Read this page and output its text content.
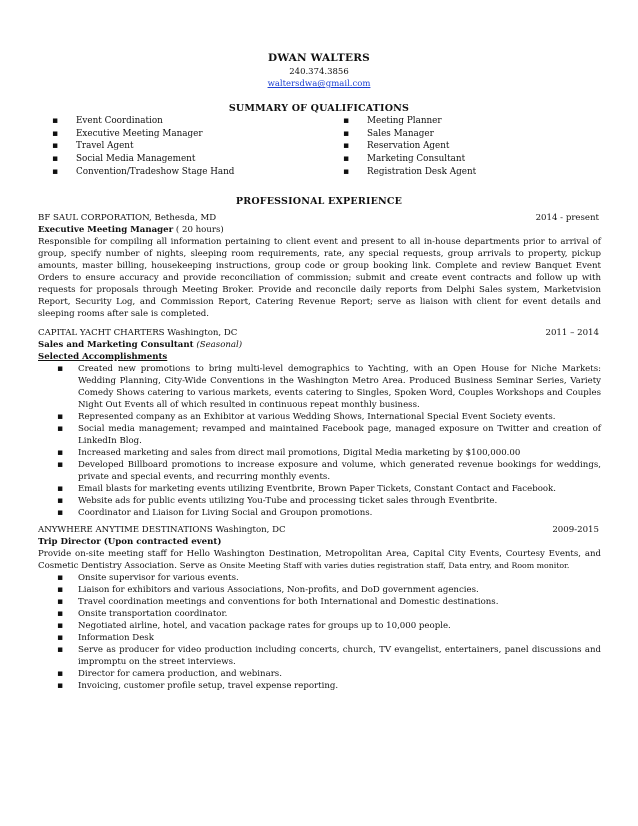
DWAN WALTERS
240.374.3856
waltersdwa@gmail.com
SUMMARY OF QUALIFICATIONS
▪ Event Coordination
▪ Executive Meeting Manager
▪ Travel Agent
▪ Social Media Management
▪ Convention/Tradeshow Stage Hand
▪ Meeting Planner
▪ Sales Manager
▪ Reservation Agent
▪ Marketing Consultant
▪ Registration Desk Agent
PROFESSIONAL EXPERIENCE
BF SAUL CORPORATION, Bethesda, MD	2014 - present
Executive Meeting Manager ( 20 hours)
Responsible for compiling all information pertaining to client event and present to all in-house departments prior to arrival of group, specify number of nights, sleeping room requirements, rate, any special requests, group arrivals to property, pickup amounts, master billing, housekeeping instructions, group code or group booking link. Complete and review Banquet Event Orders to ensure accuracy and provide reconciliation of commission; submit and create event contracts and follow up with requests for proposals through Meeting Broker. Provide and reconcile daily reports from Delphi Sales system, Marketvision Report, Security Log, and Commission Report, Catering Revenue Report; serve as liaison with client for event details and sleeping rooms after sale is completed.
CAPITAL YACHT CHARTERS Washington, DC	2011 – 2014
Sales and Marketing Consultant (Seasonal)
Selected Accomplishments
▪ Created new promotions to bring multi-level demographics to Yachting, with an Open House for Niche Markets: Wedding Planning, City-Wide Conventions in the Washington Metro Area. Produced Business Seminar Series, Variety Comedy Shows catering to various markets, events catering to Singles, Spoken Word, Couples Workshops and Couples Night Out Events all of which resulted in continuous repeat monthly business.
▪ Represented company as an Exhibitor at various Wedding Shows, International Special Event Society events.
▪ Social media management; revamped and maintained Facebook page, managed exposure on Twitter and creation of LinkedIn Blog.
▪ Increased marketing and sales from direct mail promotions, Digital Media marketing by $100,000.00
▪ Developed Billboard promotions to increase exposure and volume, which generated revenue bookings for weddings, private and special events, and recurring monthly events.
▪ Email blasts for marketing events utilizing Eventbrite, Brown Paper Tickets, Constant Contact and Facebook.
▪ Website ads for public events utilizing You-Tube and processing ticket sales through Eventbrite.
▪ Coordinator and Liaison for Living Social and Groupon promotions.
ANYWHERE ANYTIME DESTINATIONS Washington, DC	2009-2015
Trip Director (Upon contracted event)
Provide on-site meeting staff for Hello Washington Destination, Metropolitan Area, Capital City Events, Courtesy Events, and Cosmetic Dentistry Association. Serve as Onsite Meeting Staff with varies duties registration staff, Data entry, and Room monitor.
▪ Onsite supervisor for various events.
▪ Liaison for exhibitors and various Associations, Non-profits, and DoD government agencies.
▪ Travel coordination meetings and conventions for both International and Domestic destinations.
▪ Onsite transportation coordinator.
▪ Negotiated airline, hotel, and vacation package rates for groups up to 10,000 people.
▪ Information Desk
▪ Serve as producer for video production including concerts, church, TV evangelist, entertainers, panel discussions and impromptu on the street interviews.
▪ Director for camera production, and webinars.
▪ Invoicing, customer profile setup, travel expense reporting.
